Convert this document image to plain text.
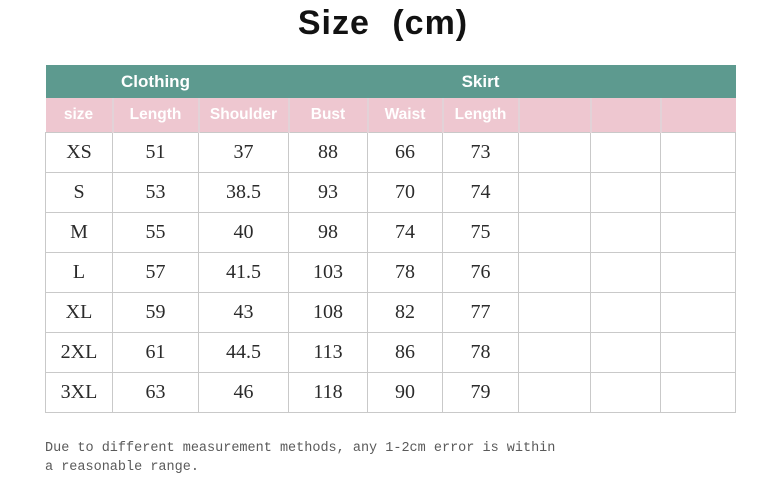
Size (cm)
	Clothing				Skirt			
size	Length	Shoulder	Bust	Waist	Length			
XS	51	37	88	66	73			
S	53	38.5	93	70	74			
M	55	40	98	74	75			
L	57	41.5	103	78	76			
XL	59	43	108	82	77			
2XL	61	44.5	113	86	78			
3XL	63	46	118	90	79			
Due to different measurement methods, any 1-2cm error is within a reasonable range.
